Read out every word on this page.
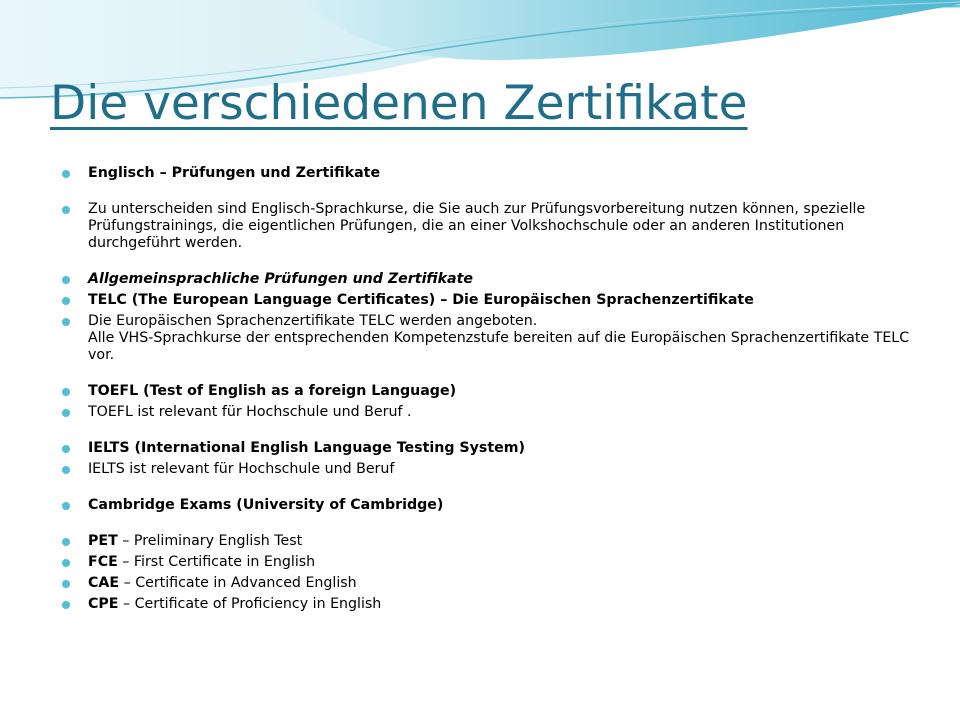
Die verschiedenen Zertifikate
Englisch – Prüfungen und Zertifikate
Zu unterscheiden sind Englisch-Sprachkurse, die Sie auch zur Prüfungsvorbereitung nutzen können, spezielle Prüfungstrainings, die eigentlichen Prüfungen, die an einer Volkshochschule oder an anderen Institutionen durchgeführt werden.
Allgemeinsprachliche Prüfungen und Zertifikate
TELC (The European Language Certificates) – Die Europäischen Sprachenzertifikate
Die Europäischen Sprachenzertifikate TELC werden angeboten.
Alle VHS-Sprachkurse der entsprechenden Kompetenzstufe bereiten auf die Europäischen Sprachenzertifikate TELC vor.
TOEFL (Test of English as a foreign Language)
TOEFL ist relevant für Hochschule und Beruf .
IELTS (International English Language Testing System)
IELTS ist relevant für Hochschule und Beruf
Cambridge Exams (University of Cambridge)
PET – Preliminary English Test
FCE – First Certificate in English
CAE – Certificate in Advanced English
CPE – Certificate of Proficiency in English
